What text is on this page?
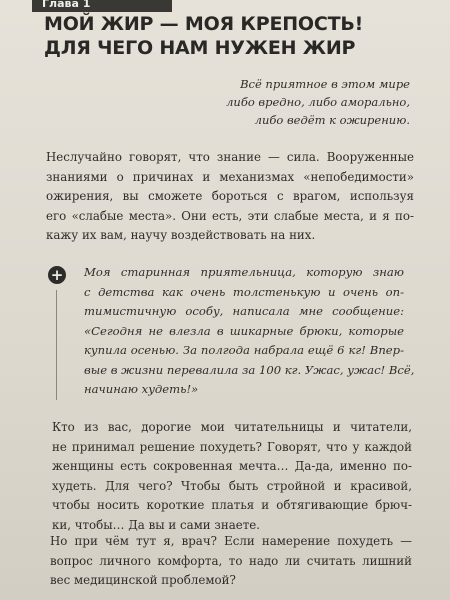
Глава 1
МОЙ ЖИР — МОЯ КРЕПОСТЬ!
ДЛЯ ЧЕГО НАМ НУЖЕН ЖИР
Всё приятное в этом мире
либо вредно, либо аморально,
либо ведёт к ожирению.
Неслучайно говорят, что знание — сила. Вооруженные
знаниями о причинах и механизмах «непобедимости»
ожирения, вы сможете бороться с врагом, используя
его «слабые места». Они есть, эти слабые места, и я по-
кажу их вам, научу воздействовать на них.
+ Моя старинная приятельница, которую знаю
с детства как очень толстенькую и очень оп-
тимистичную особу, написала мне сообщение:
«Сегодня не влезла в шикарные брюки, которые
купила осенью. За полгода набрала ещё 6 кг! Впер-
вые в жизни перевалила за 100 кг. Ужас, ужас! Всё,
начинаю худеть!»
Кто из вас, дорогие мои читательницы и читатели,
не принимал решение похудеть? Говорят, что у каждой
женщины есть сокровенная мечта… Да-да, именно по-
худеть. Для чего? Чтобы быть стройной и красивой,
чтобы носить короткие платья и обтягивающие брюч-
ки, чтобы… Да вы и сами знаете.
Но при чём тут я, врач? Если намерение похудеть —
вопрос личного комфорта, то надо ли считать лишний
вес медицинской проблемой?
